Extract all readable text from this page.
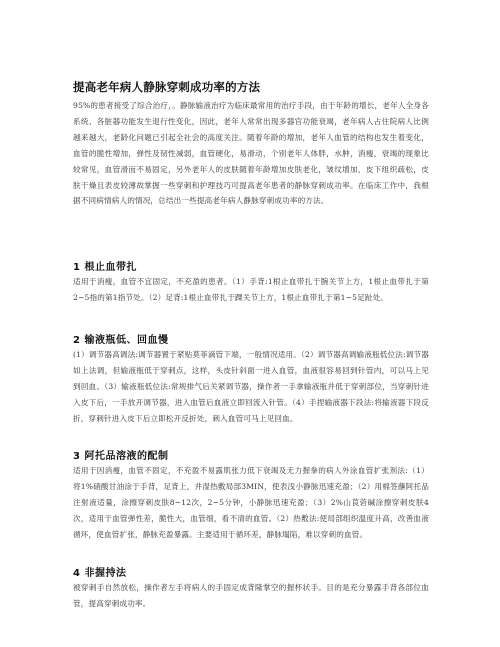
提高老年病人静脉穿刺成功率的方法
95%的患者接受了综合治疗，。静脉输液治疗为临床最常用的治疗手段，由于年龄的增长，老年人全身各系统、各脏器功能发生退行性变化，因此，老年人常常出现多器官功能衰竭，老年病人占住院病人比例越来越大，老龄化问题已引起全社会的高度关注。随着年龄的增加，老年人血管的结构也发生着变化，血管的脆性增加，弹性及韧性减弱，血管硬化，易滑动，个别老年人体胖，水肿，消瘦，衰竭的现象比较常见，血管滑而不易固定，另外老年人的皮肤随着年龄增加皮肤老化，皱纹增加，皮下组织疏松，皮肤干燥且表皮较薄故掌握一些穿刺和护理技巧可提高老年患者的静脉穿刺成功率。在临床工作中，我根据不同病情病人的情况，总结出一些提高老年病人静脉穿刺成功率的方法。
1 根止血带扎
适用于消瘦，血管不宜固定，不充盈的患者。（1）手背:1根止血带扎于腕关节上方，1根止血带扎于第2~5指的第1指节处。（2）足背:1根止血带扎于踝关节上方，1根止血带扎于第1~5足趾处。
2 输液瓶低、回血慢
(1）调节器高调法:调节器置于紧贴莫菲滴管下端，一般情况适用。（2）调节器高调输液瓶低位法:调节器如上法调，但输液瓶低于穿刺点，这样，头皮针斜面一进入血管，血液很容易回到针管内，可以马上见到回血。（3）输液瓶低位法:常规排气后关紧调节器，操作者一手拿输液瓶并低于穿刺部位，当穿刺针进入皮下后，一手放开调节器，进入血管后血液立即回流入针管。（4）手捏输液器下段法:将输液器下段反折，穿刺针进入皮下后立即松开反折处，刺入血管可马上见回血。
3 阿托品溶液的配制
适用于因消瘦，血管不固定，不充盈不易露肌张力低下衰竭及无力握拳的病人外涂血管扩张剂法:（1）将1%硝酸甘油涂于手背，足背上，并湿热敷局部3MIN，使表浅小静脉迅速充盈；（2）用棉签蘸阿托品注射液适量，涂擦穿刺皮肤8~12次，2~5分钟，小静脉迅速充盈；（3）2%山莨菪碱涂擦穿刺皮肤4次，适用于血管弹性差，脆性大，血管细，看不清的血管。（2）热敷法:使局部组织温度升高，改善血液循环，使血管扩张，静脉充盈暴露。主要适用于循环差，静脉塌陷，难以穿刺的血管。
4 非握持法
被穿刺手自然放松，操作者左手将病人的手固定成背隆掌空的握杯状手。目的是充分暴露手背各部位血管，提高穿刺成功率。
